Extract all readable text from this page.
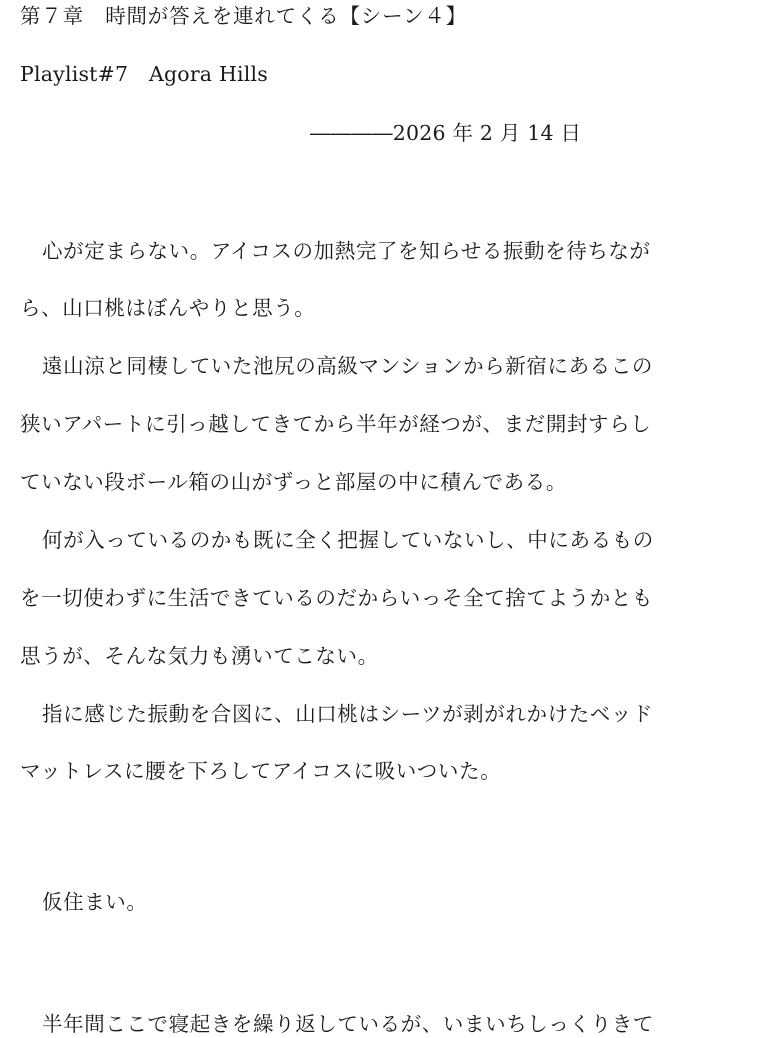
第７章　時間が答えを連れてくる【シーン４】
Playlist#7　Agora Hills
――――2026 年 2 月 14 日
心が定まらない。アイコスの加熱完了を知らせる振動を待ちなが
ら、山口桃はぼんやりと思う。
遠山涼と同棲していた池尻の高級マンションから新宿にあるこの
狭いアパートに引っ越してきてから半年が経つが、まだ開封すらし
ていない段ボール箱の山がずっと部屋の中に積んである。
何が入っているのかも既に全く把握していないし、中にあるもの
を一切使わずに生活できているのだからいっそ全て捨てようかとも
思うが、そんな気力も湧いてこない。
指に感じた振動を合図に、山口桃はシーツが剥がれかけたベッド
マットレスに腰を下ろしてアイコスに吸いついた。
仮住まい。
半年間ここで寝起きを繰り返しているが、いまいちしっくりきて
